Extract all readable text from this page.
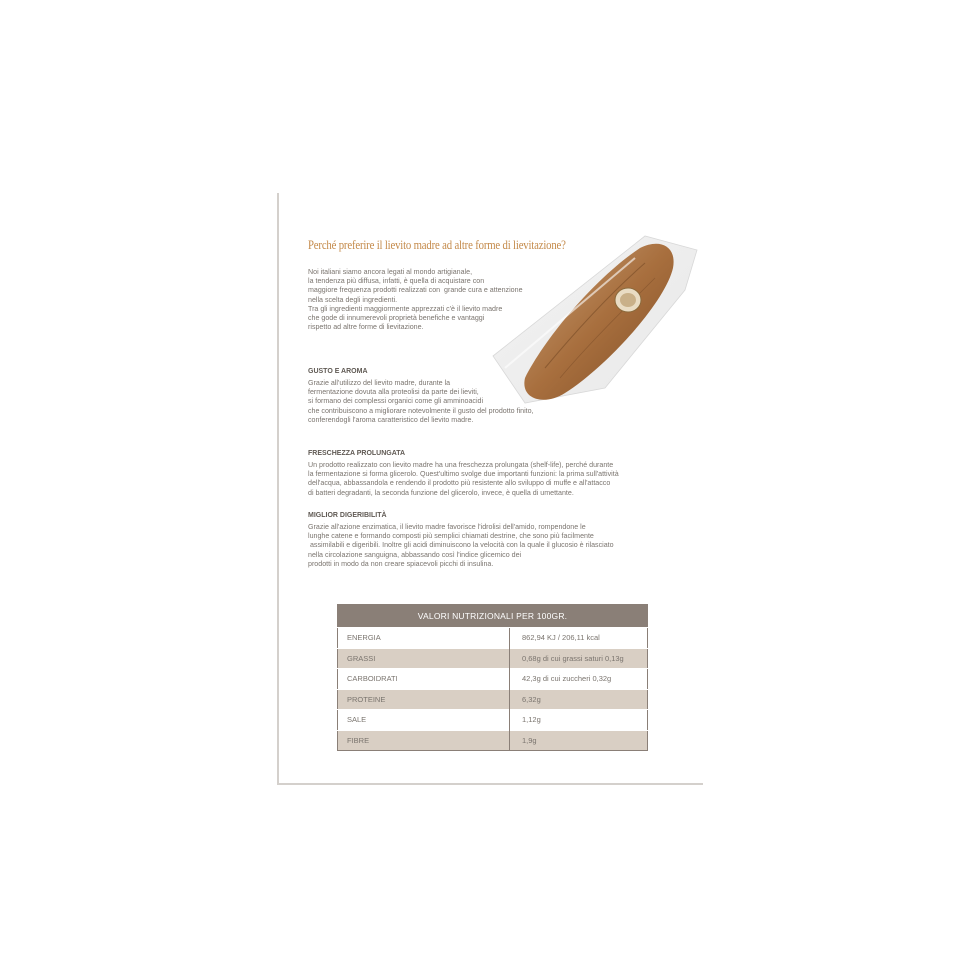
Perché preferire il lievito madre ad altre forme di lievitazione?
Noi italiani siamo ancora legati al mondo artigianale,
la tendenza più diffusa, infatti, è quella di acquistare con
maggiore frequenza prodotti realizzati con  grande cura e attenzione
nella scelta degli ingredienti.
Tra gli ingredienti maggiormente apprezzati c'è il lievito madre
che gode di innumerevoli proprietà benefiche e vantaggi
rispetto ad altre forme di lievitazione.
GUSTO E AROMA
Grazie all'utilizzo del lievito madre, durante la
fermentazione dovuta alla proteolisi da parte dei lieviti,
si formano dei complessi organici come gli amminoacidi
che contribuiscono a migliorare notevolmente il gusto del prodotto finito,
conferendogli l'aroma caratteristico del lievito madre.
FRESCHEZZA PROLUNGATA
Un prodotto realizzato con lievito madre ha una freschezza prolungata (shelf-life), perché durante
la fermentazione si forma glicerolo. Quest'ultimo svolge due importanti funzioni: la prima sull'attività
dell'acqua, abbassandola e rendendo il prodotto più resistente allo sviluppo di muffe e all'attacco
di batteri degradanti, la seconda funzione del glicerolo, invece, è quella di umettante.
MIGLIOR DIGERIBILITÀ
Grazie all'azione enzimatica, il lievito madre favorisce l'idrolisi dell'amido, rompendone le
lunghe catene e formando composti più semplici chiamati destrine, che sono più facilmente
assimilabili e digeribili. Inoltre gli acidi diminuiscono la velocità con la quale il glucosio è rilasciato
nella circolazione sanguigna, abbassando così l'indice glicemico dei
prodotti in modo da non creare spiacevoli picchi di insulina.
VALORI NUTRIZIONALI PER 100GR.	
ENERGIA	862,94 KJ / 206,11 kcal
GRASSI	0,68g di cui grassi saturi 0,13g
CARBOIDRATI	42,3g di cui zuccheri 0,32g
PROTEINE	6,32g
SALE	1,12g
FIBRE	1,9g
